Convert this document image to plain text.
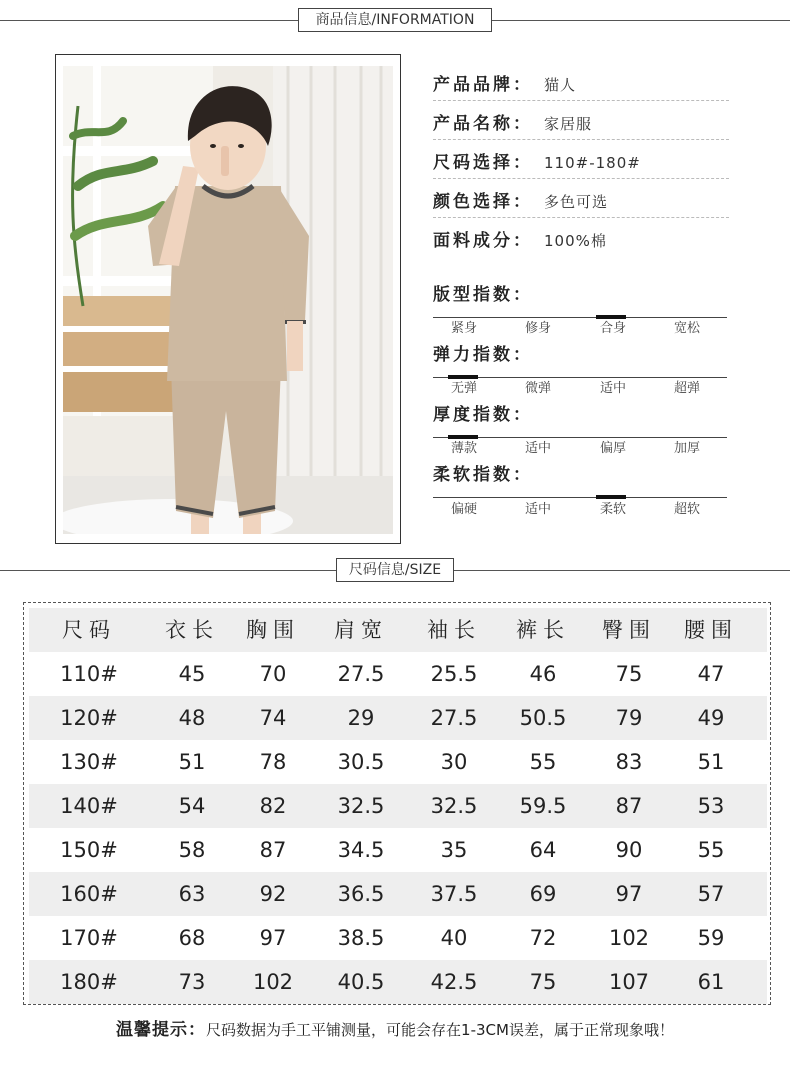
商品信息/INFORMATION
产品品牌： 猫人
产品名称： 家居服
尺码选择： 110#-180#
颜色选择： 多色可选
面料成分： 100%棉
版型指数：
紧身	修身	合身	宽松
弹力指数：
无弹	微弹	适中	超弹
厚度指数：
薄款	适中	偏厚	加厚
柔软指数：
偏硬	适中	柔软	超软
尺码信息/SIZE
尺码	衣长	胸围	肩宽	袖长	裤长	臀围	腰围
110#	45	70	27.5	25.5	46	75	47
120#	48	74	29	27.5	50.5	79	49
130#	51	78	30.5	30	55	83	51
140#	54	82	32.5	32.5	59.5	87	53
150#	58	87	34.5	35	64	90	55
160#	63	92	36.5	37.5	69	97	57
170#	68	97	38.5	40	72	102	59
180#	73	102	40.5	42.5	75	107	61
温馨提示：尺码数据为手工平铺测量，可能会存在1-3CM误差，属于正常现象哦！
